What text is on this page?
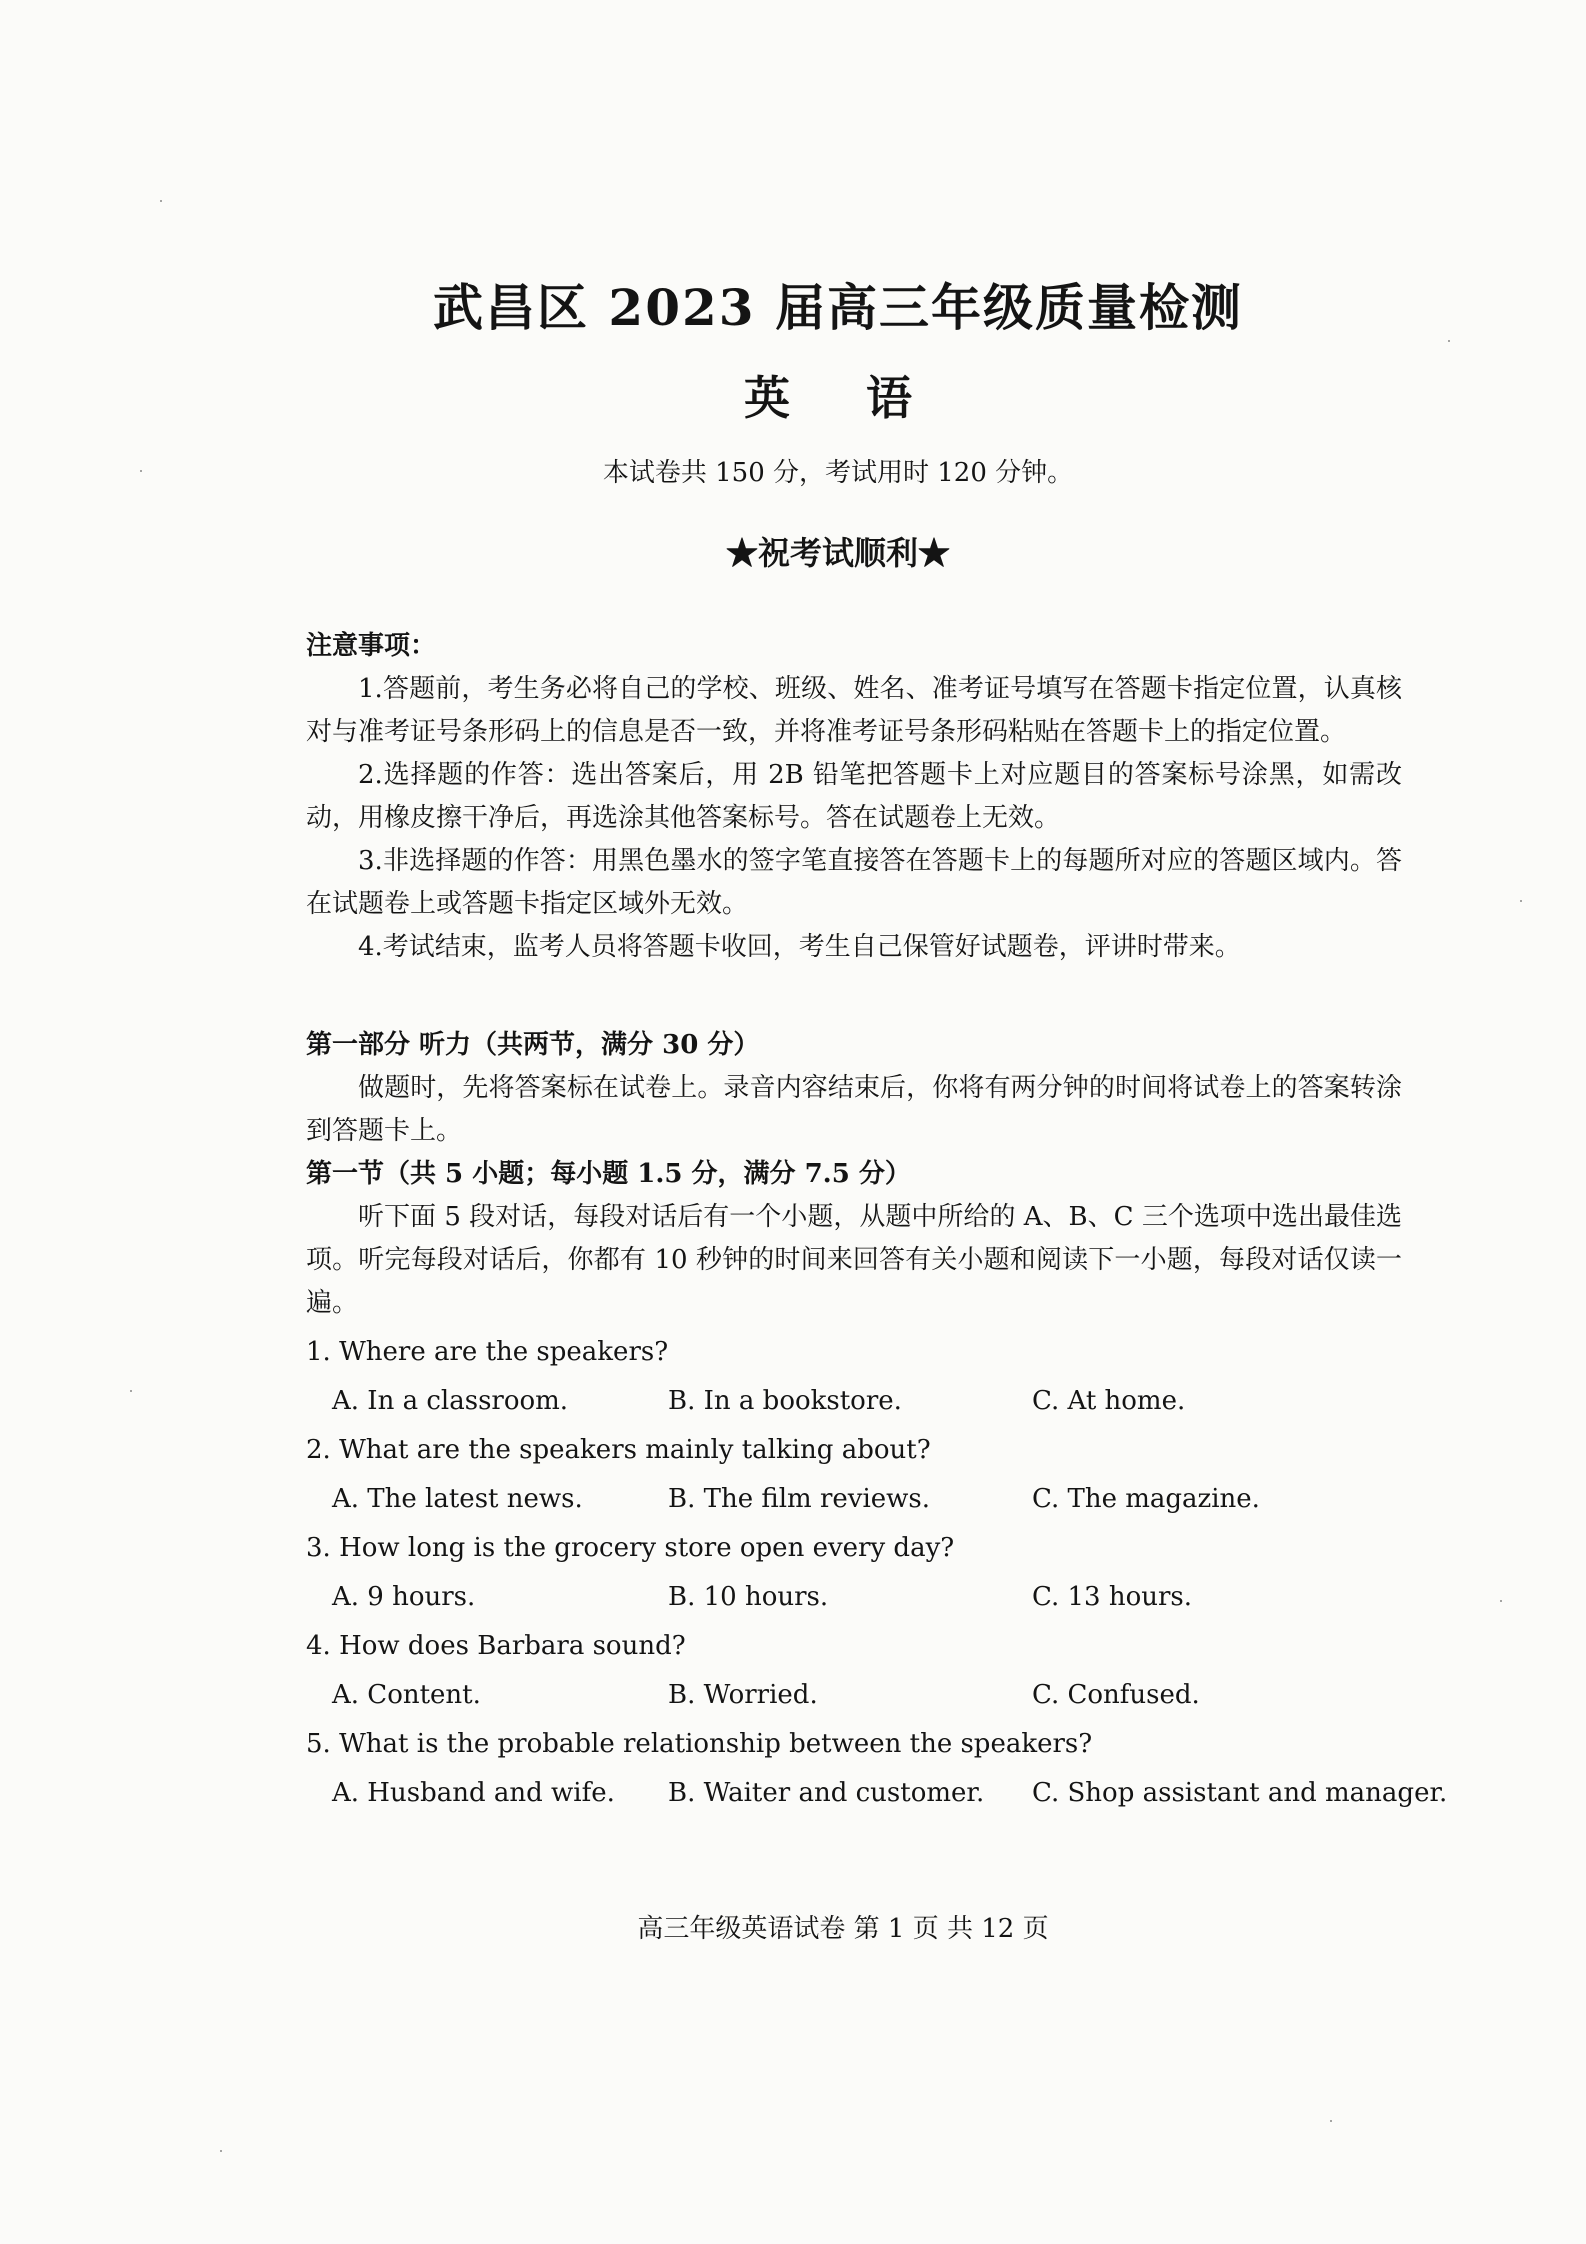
武昌区 2023 届高三年级质量检测
英 语
本试卷共 150 分，考试用时 120 分钟。
★祝考试顺利★
注意事项：
1.答题前，考生务必将自己的学校、班级、姓名、准考证号填写在答题卡指定位置，认真核对与准考证号条形码上的信息是否一致，并将准考证号条形码粘贴在答题卡上的指定位置。
2.选择题的作答：选出答案后，用 2B 铅笔把答题卡上对应题目的答案标号涂黑，如需改动，用橡皮擦干净后，再选涂其他答案标号。答在试题卷上无效。
3.非选择题的作答：用黑色墨水的签字笔直接答在答题卡上的每题所对应的答题区域内。答在试题卷上或答题卡指定区域外无效。
4.考试结束，监考人员将答题卡收回，考生自己保管好试题卷，评讲时带来。
第一部分 听力（共两节，满分 30 分）
做题时，先将答案标在试卷上。录音内容结束后，你将有两分钟的时间将试卷上的答案转涂到答题卡上。
第一节（共 5 小题；每小题 1.5 分，满分 7.5 分）
听下面 5 段对话，每段对话后有一个小题，从题中所给的 A、B、C 三个选项中选出最佳选项。听完每段对话后，你都有 10 秒钟的时间来回答有关小题和阅读下一小题，每段对话仅读一遍。
1. Where are the speakers?
A. In a classroom.	B. In a bookstore.	C. At home.
2. What are the speakers mainly talking about?
A. The latest news.	B. The film reviews.	C. The magazine.
3. How long is the grocery store open every day?
A. 9 hours.	B. 10 hours.	C. 13 hours.
4. How does Barbara sound?
A. Content.	B. Worried.	C. Confused.
5. What is the probable relationship between the speakers?
A. Husband and wife.	B. Waiter and customer.	C. Shop assistant and manager.
高三年级英语试卷 第 1 页 共 12 页
